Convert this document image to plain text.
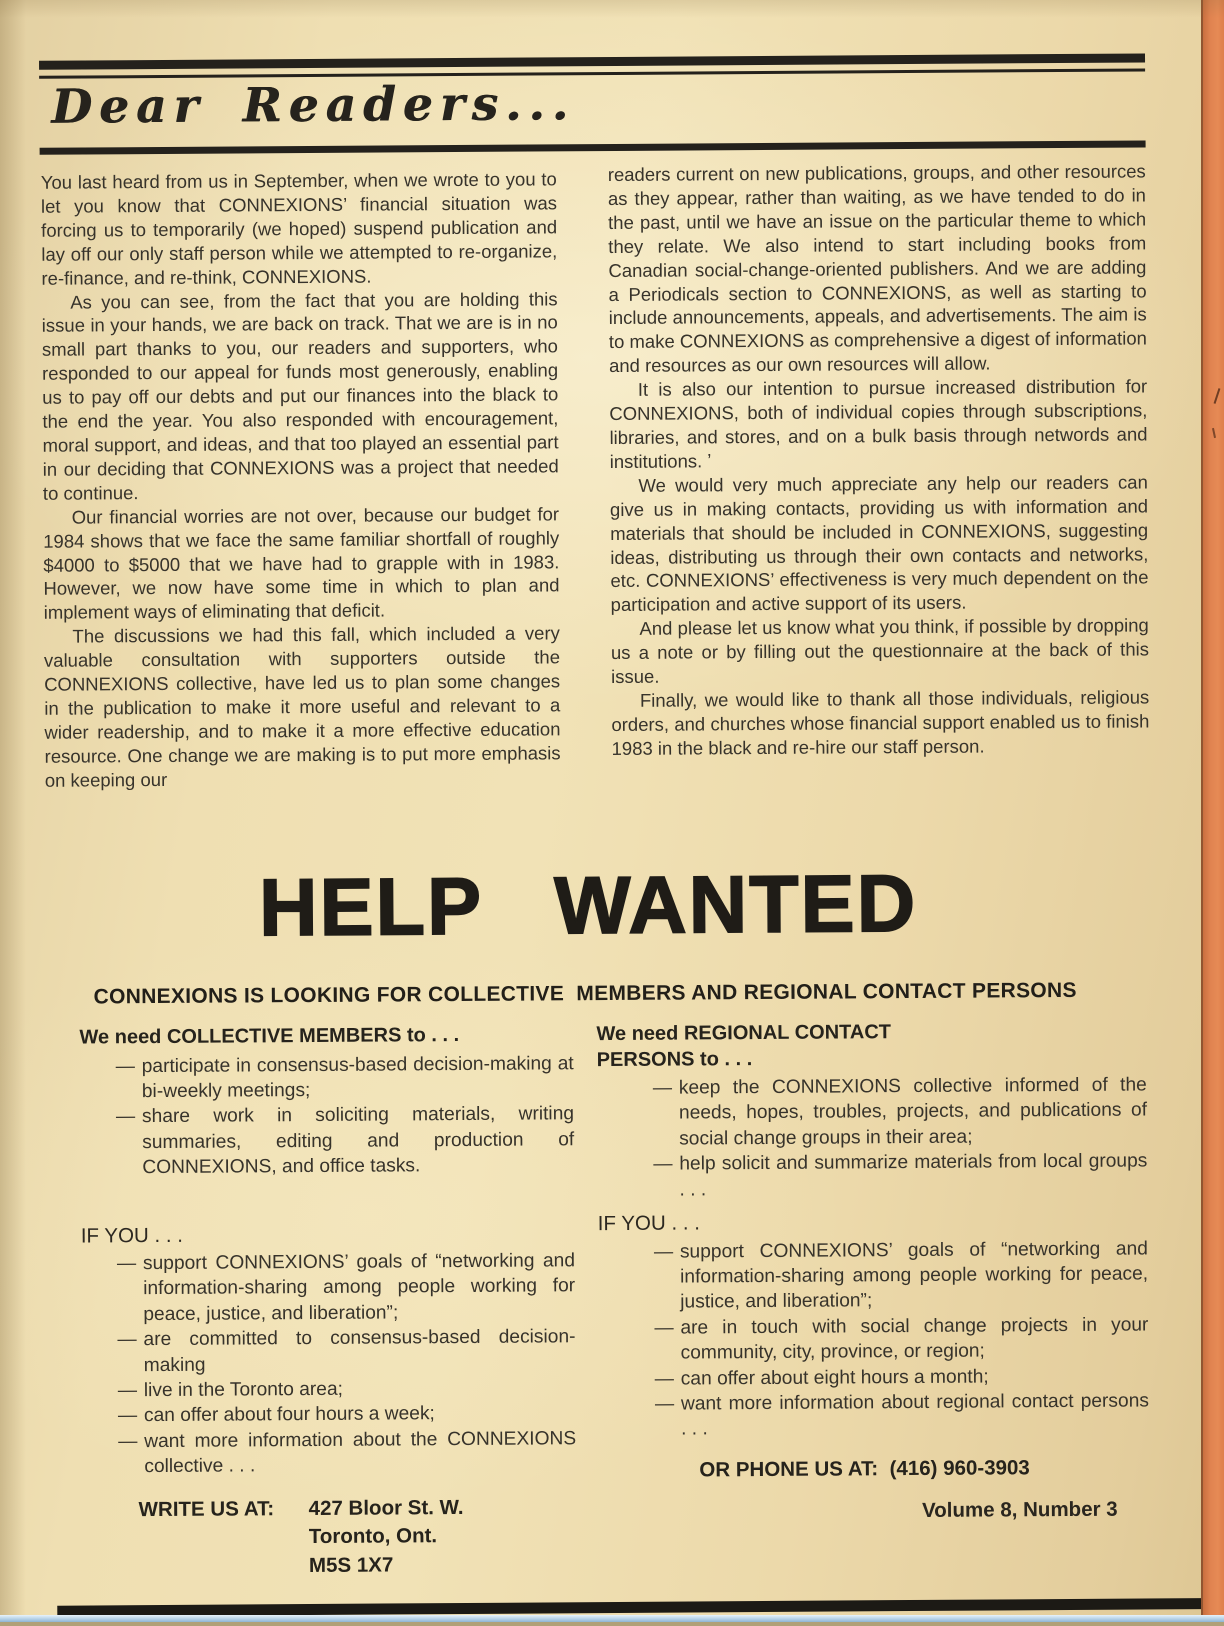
Dear Readers...

You last heard from us in September, when we wrote to you to let you know that CONNEXIONS’ financial situation was forcing us to temporarily (we hoped) suspend publication and lay off our only staff person while we attempted to re-organize, re-finance, and re-think, CONNEXIONS.

As you can see, from the fact that you are holding this issue in your hands, we are back on track. That we are is in no small part thanks to you, our readers and supporters, who responded to our appeal for funds most generously, enabling us to pay off our debts and put our finances into the black to the end the year. You also responded with encouragement, moral support, and ideas, and that too played an essential part in our deciding that CONNEXIONS was a project that needed to continue.

Our financial worries are not over, because our budget for 1984 shows that we face the same familiar shortfall of roughly $4000 to $5000 that we have had to grapple with in 1983. However, we now have some time in which to plan and implement ways of eliminating that deficit.

The discussions we had this fall, which included a very valuable consultation with supporters outside the CONNEXIONS collective, have led us to plan some changes in the publication to make it more useful and relevant to a wider readership, and to make it a more effective education resource. One change we are making is to put more emphasis on keeping our

readers current on new publications, groups, and other resources as they appear, rather than waiting, as we have tended to do in the past, until we have an issue on the particular theme to which they relate. We also intend to start including books from Canadian social-change-oriented publishers. And we are adding a Periodicals section to CONNEXIONS, as well as starting to include announcements, appeals, and advertisements. The aim is to make CONNEXIONS as comprehensive a digest of information and resources as our own resources will allow.

It is also our intention to pursue increased distribution for CONNEXIONS, both of individual copies through subscriptions, libraries, and stores, and on a bulk basis through networds and institutions. ʼ

We would very much appreciate any help our readers can give us in making contacts, providing us with information and materials that should be included in CONNEXIONS, suggesting ideas, distributing us through their own contacts and networks, etc. CONNEXIONS’ effectiveness is very much dependent on the participation and active support of its users.

And please let us know what you think, if possible by dropping us a note or by filling out the questionnaire at the back of this issue.

Finally, we would like to thank all those individuals, religious orders, and churches whose financial support enabled us to finish 1983 in the black and re-hire our staff person.

HELP WANTED
CONNEXIONS IS LOOKING FOR COLLECTIVE  MEMBERS AND REGIONAL CONTACT PERSONS
We need COLLECTIVE MEMBERS to . . .
— participate in consensus-based decision-making at bi-weekly meetings;
— share work in soliciting materials, writing summaries, editing and production of CONNEXIONS, and office tasks.
IF YOU . . .
— support CONNEXIONS’ goals of “networking and information-sharing among people working for peace, justice, and liberation”;
— are committed to consensus-based decision-making
— live in the Toronto area;
— can offer about four hours a week;
— want more information about the CONNEXIONS collective . . .
WRITE US AT:	427 Bloor St. W.
Toronto, Ont.
M5S 1X7
We need REGIONAL CONTACT PERSONS to . . .
— keep the CONNEXIONS collective informed of the needs, hopes, troubles, projects, and publications of social change groups in their area;
— help solicit and summarize materials from local groups . . .
IF YOU . . .
— support CONNEXIONS’ goals of “networking and information-sharing among people working for peace, justice, and liberation”;
— are in touch with social change projects in your community, city, province, or region;
— can offer about eight hours a month;
— want more information about regional contact persons . . .
OR PHONE US AT: (416) 960-3903
Volume 8, Number 3
